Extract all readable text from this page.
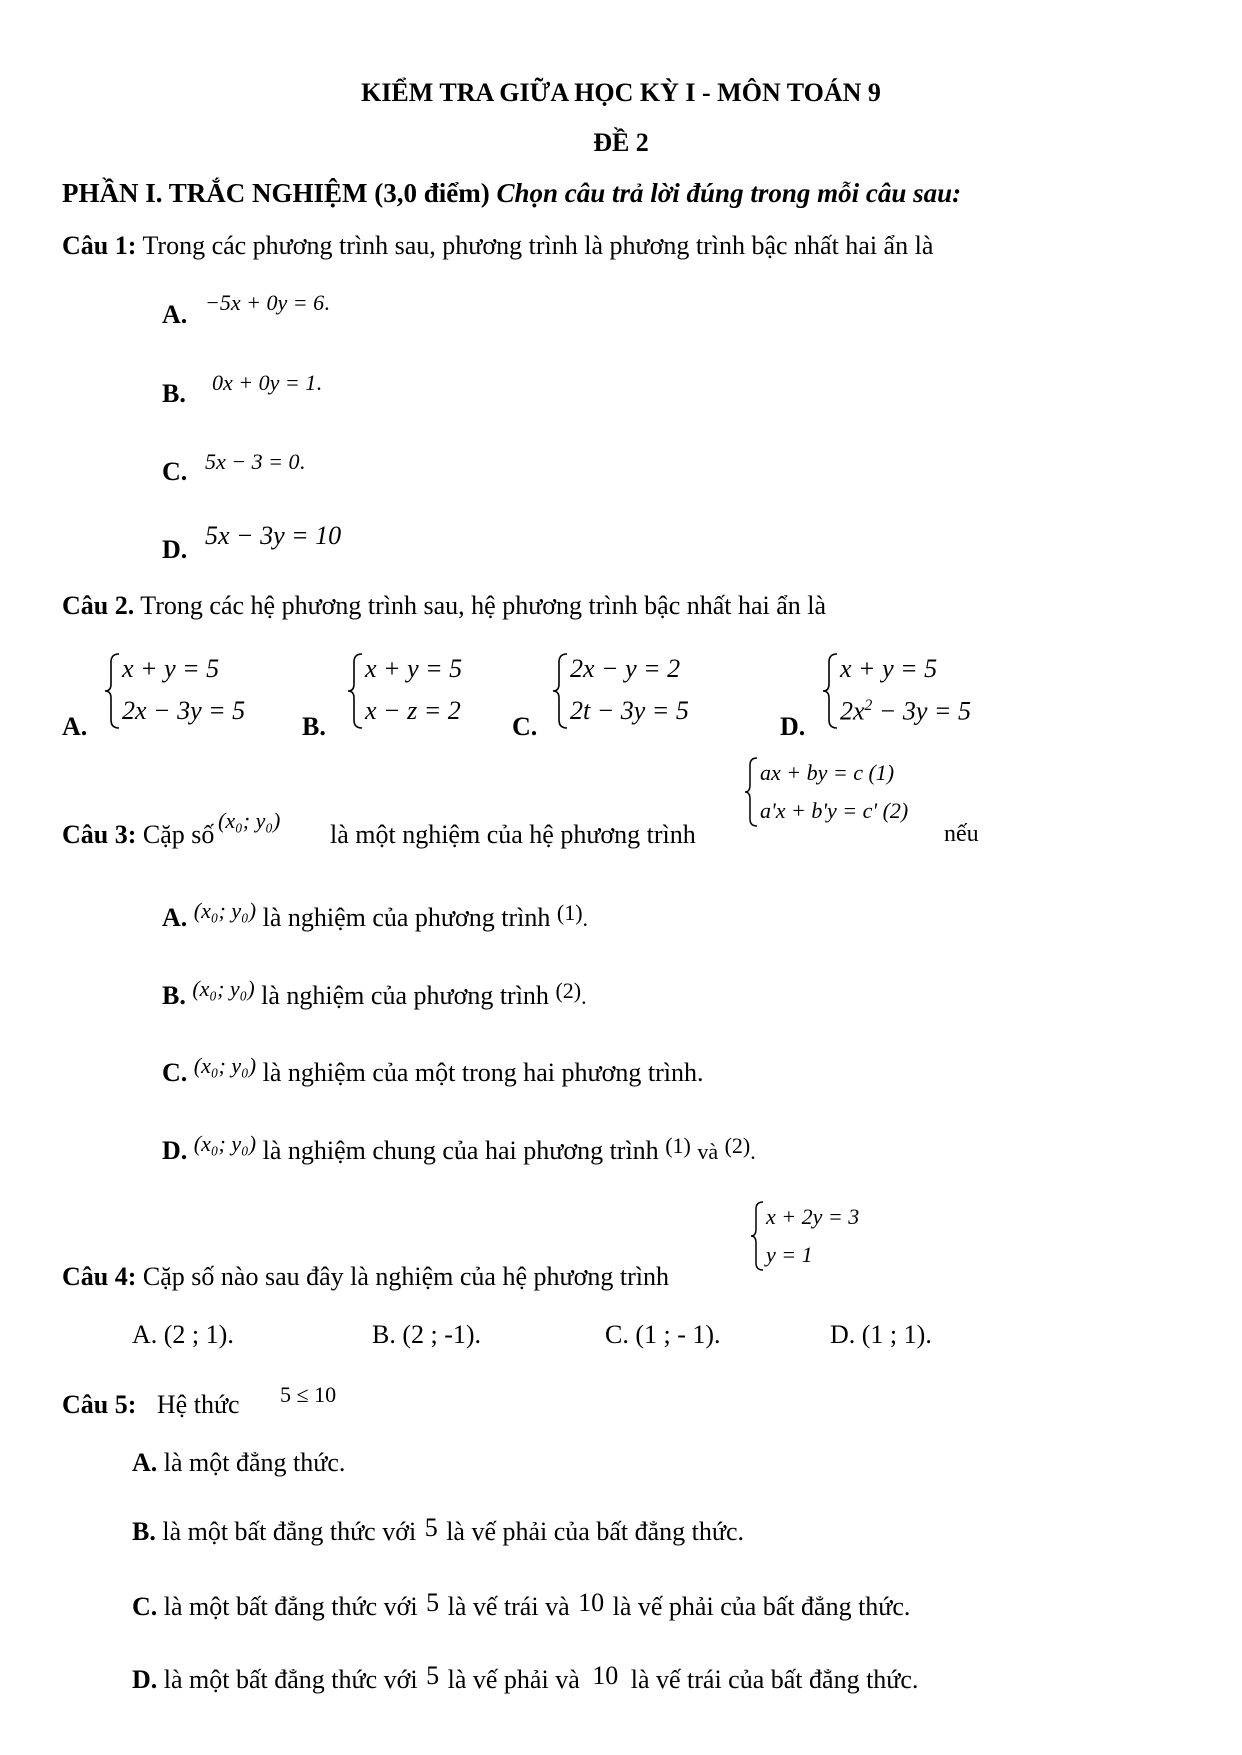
KIỂM TRA GIỮA HỌC KỲ I - MÔN TOÁN 9
ĐỀ 2
PHẦN I. TRẮC NGHIỆM (3,0 điểm) Chọn câu trả lời đúng trong mỗi câu sau:
Câu 1: Trong các phương trình sau, phương trình là phương trình bậc nhất hai ẩn là
A. −5x + 0y = 6.
B. 0x + 0y = 1.
C. 5x − 3 = 0.
D. 5x − 3y = 10
Câu 2. Trong các hệ phương trình sau, hệ phương trình bậc nhất hai ẩn là
A.
x + y = 5
2x − 3y = 5
B.
x + y = 5
x − z = 2
C.
2x − y = 2
2t − 3y = 5
D.
x + y = 5
$2x^2 - 3y = 5$
Câu 3: Cặp số (x₀; y₀) là một nghiệm của hệ phương trình
ax + by = c (1)
a'x + b'y = c' (2)
nếu
A. $^{(x_0; y_0)}$ là nghiệm của phương trình $^{(1)}$.
B. $^{(x_0; y_0)}$ là nghiệm của phương trình $^{(2)}$.
C. $^{(x_0; y_0)}$ là nghiệm của một trong hai phương trình.
D. $^{(x_0; y_0)}$ là nghiệm chung của hai phương trình $^{(1)}$ và $^{(2)}$.
Câu 4: Cặp số nào sau đây là nghiệm của hệ phương trình
x + 2y = 3
y = 1
A. (2 ; 1).	B. (2 ; -1).	C. (1 ; - 1).	D. (1 ; 1).
Câu 5: Hệ thức 5 ≤ 10
A. là một đẳng thức.
B. là một bất đẳng thức với 5 là vế phải của bất đẳng thức.
C. là một bất đẳng thức với 5 là vế trái và 10 là vế phải của bất đẳng thức.
D. là một bất đẳng thức với 5 là vế phải và 10 là vế trái của bất đẳng thức.
